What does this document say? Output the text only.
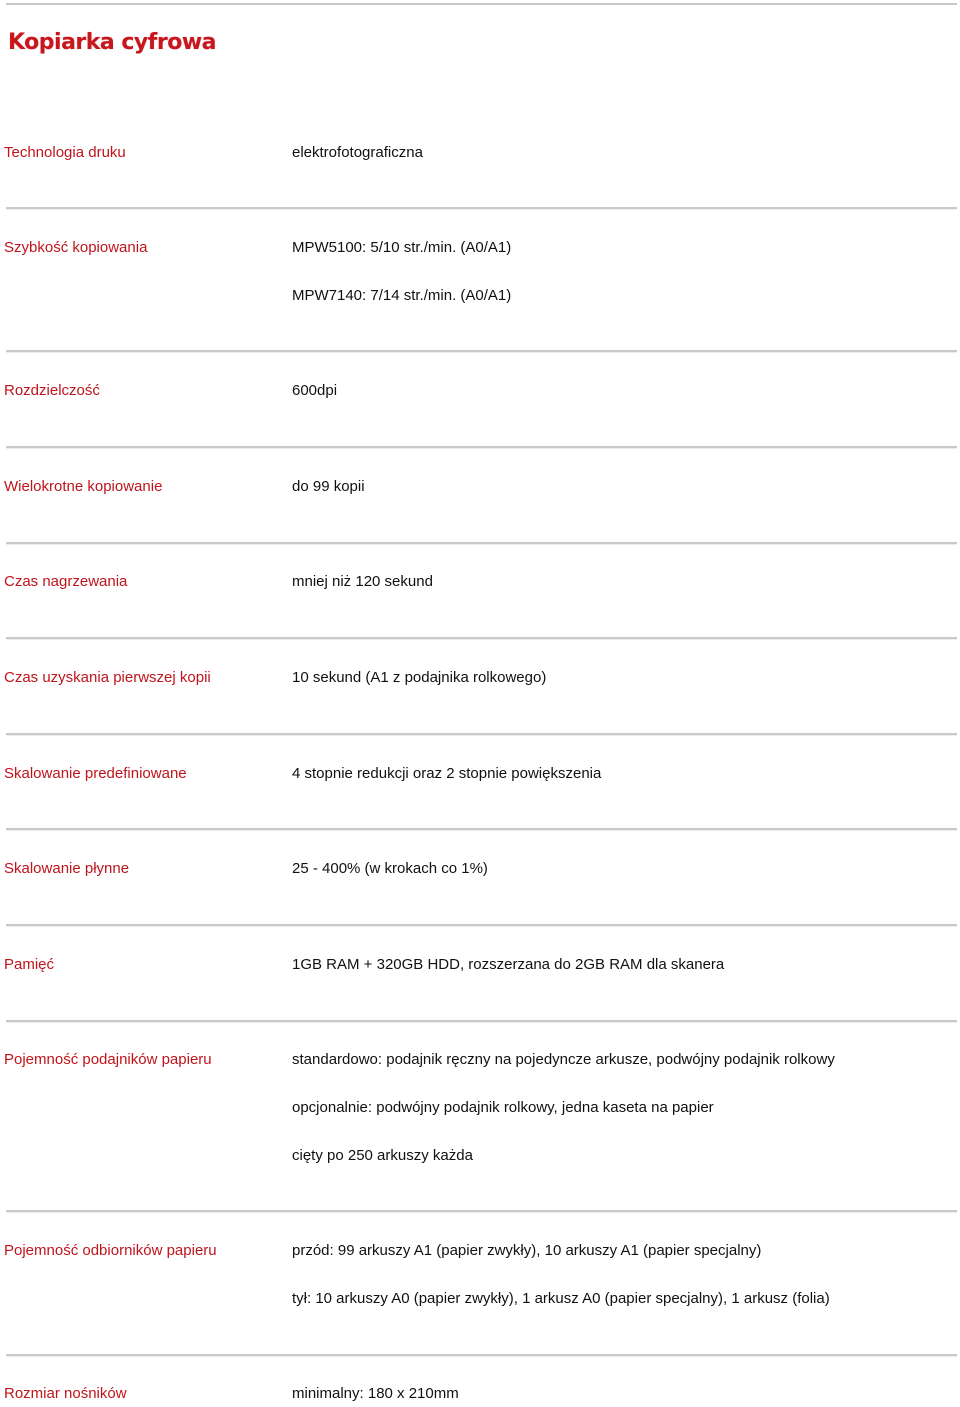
Kopiarka cyfrowa
Technologia druku	elektrofotograficzna
Szybkość kopiowania	MPW5100: 5/10 str./min. (A0/A1)
MPW7140: 7/14 str./min. (A0/A1)
Rozdzielczość	600dpi
Wielokrotne kopiowanie	do 99 kopii
Czas nagrzewania	mniej niż 120 sekund
Czas uzyskania pierwszej kopii	10 sekund (A1 z podajnika rolkowego)
Skalowanie predefiniowane	4 stopnie redukcji oraz 2 stopnie powiększenia
Skalowanie płynne	25 - 400% (w krokach co 1%)
Pamięć	1GB RAM + 320GB HDD, rozszerzana do 2GB RAM dla skanera
Pojemność podajników papieru	standardowo: podajnik ręczny na pojedyncze arkusze, podwójny podajnik rolkowy
opcjonalnie: podwójny podajnik rolkowy, jedna kaseta na papier
cięty po 250 arkuszy każda
Pojemność odbiorników papieru	przód: 99 arkuszy A1 (papier zwykły), 10 arkuszy A1 (papier specjalny)
tył: 10 arkuszy A0 (papier zwykły), 1 arkusz A0 (papier specjalny), 1 arkusz (folia)
Rozmiar nośników	minimalny: 180 x 210mm
